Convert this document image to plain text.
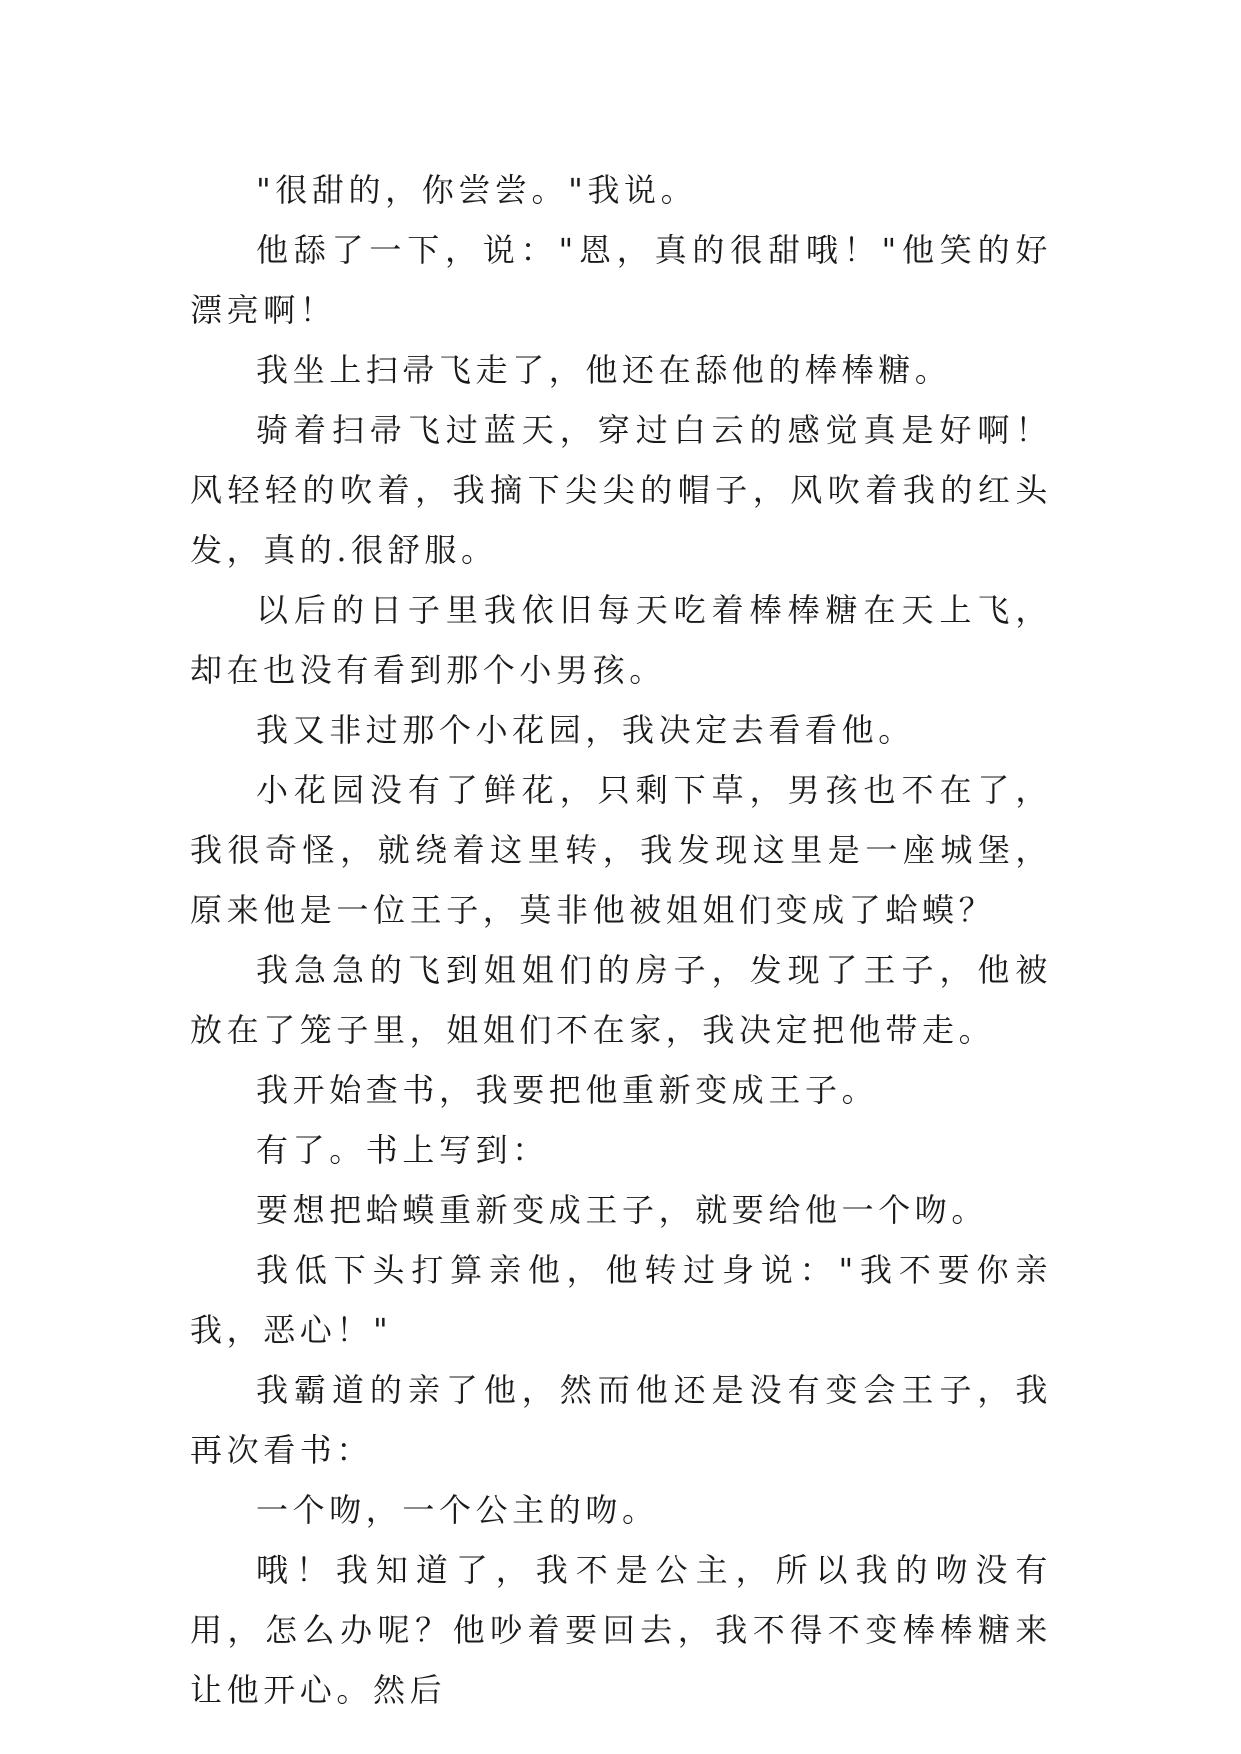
"很甜的，你尝尝。"我说。

他舔了一下，说："恩，真的很甜哦！"他笑的好漂亮啊！

我坐上扫帚飞走了，他还在舔他的棒棒糖。

骑着扫帚飞过蓝天，穿过白云的感觉真是好啊！风轻轻的吹着，我摘下尖尖的帽子，风吹着我的红头发，真的.很舒服。

以后的日子里我依旧每天吃着棒棒糖在天上飞，却在也没有看到那个小男孩。

我又非过那个小花园，我决定去看看他。

小花园没有了鲜花，只剩下草，男孩也不在了，我很奇怪，就绕着这里转，我发现这里是一座城堡，原来他是一位王子，莫非他被姐姐们变成了蛤蟆？

我急急的飞到姐姐们的房子，发现了王子，他被放在了笼子里，姐姐们不在家，我决定把他带走。

我开始查书，我要把他重新变成王子。

有了。书上写到：

要想把蛤蟆重新变成王子，就要给他一个吻。

我低下头打算亲他，他转过身说："我不要你亲我，恶心！"

我霸道的亲了他，然而他还是没有变会王子，我再次看书：

一个吻，一个公主的吻。

哦！我知道了，我不是公主，所以我的吻没有用，怎么办呢？他吵着要回去，我不得不变棒棒糖来让他开心。然后
